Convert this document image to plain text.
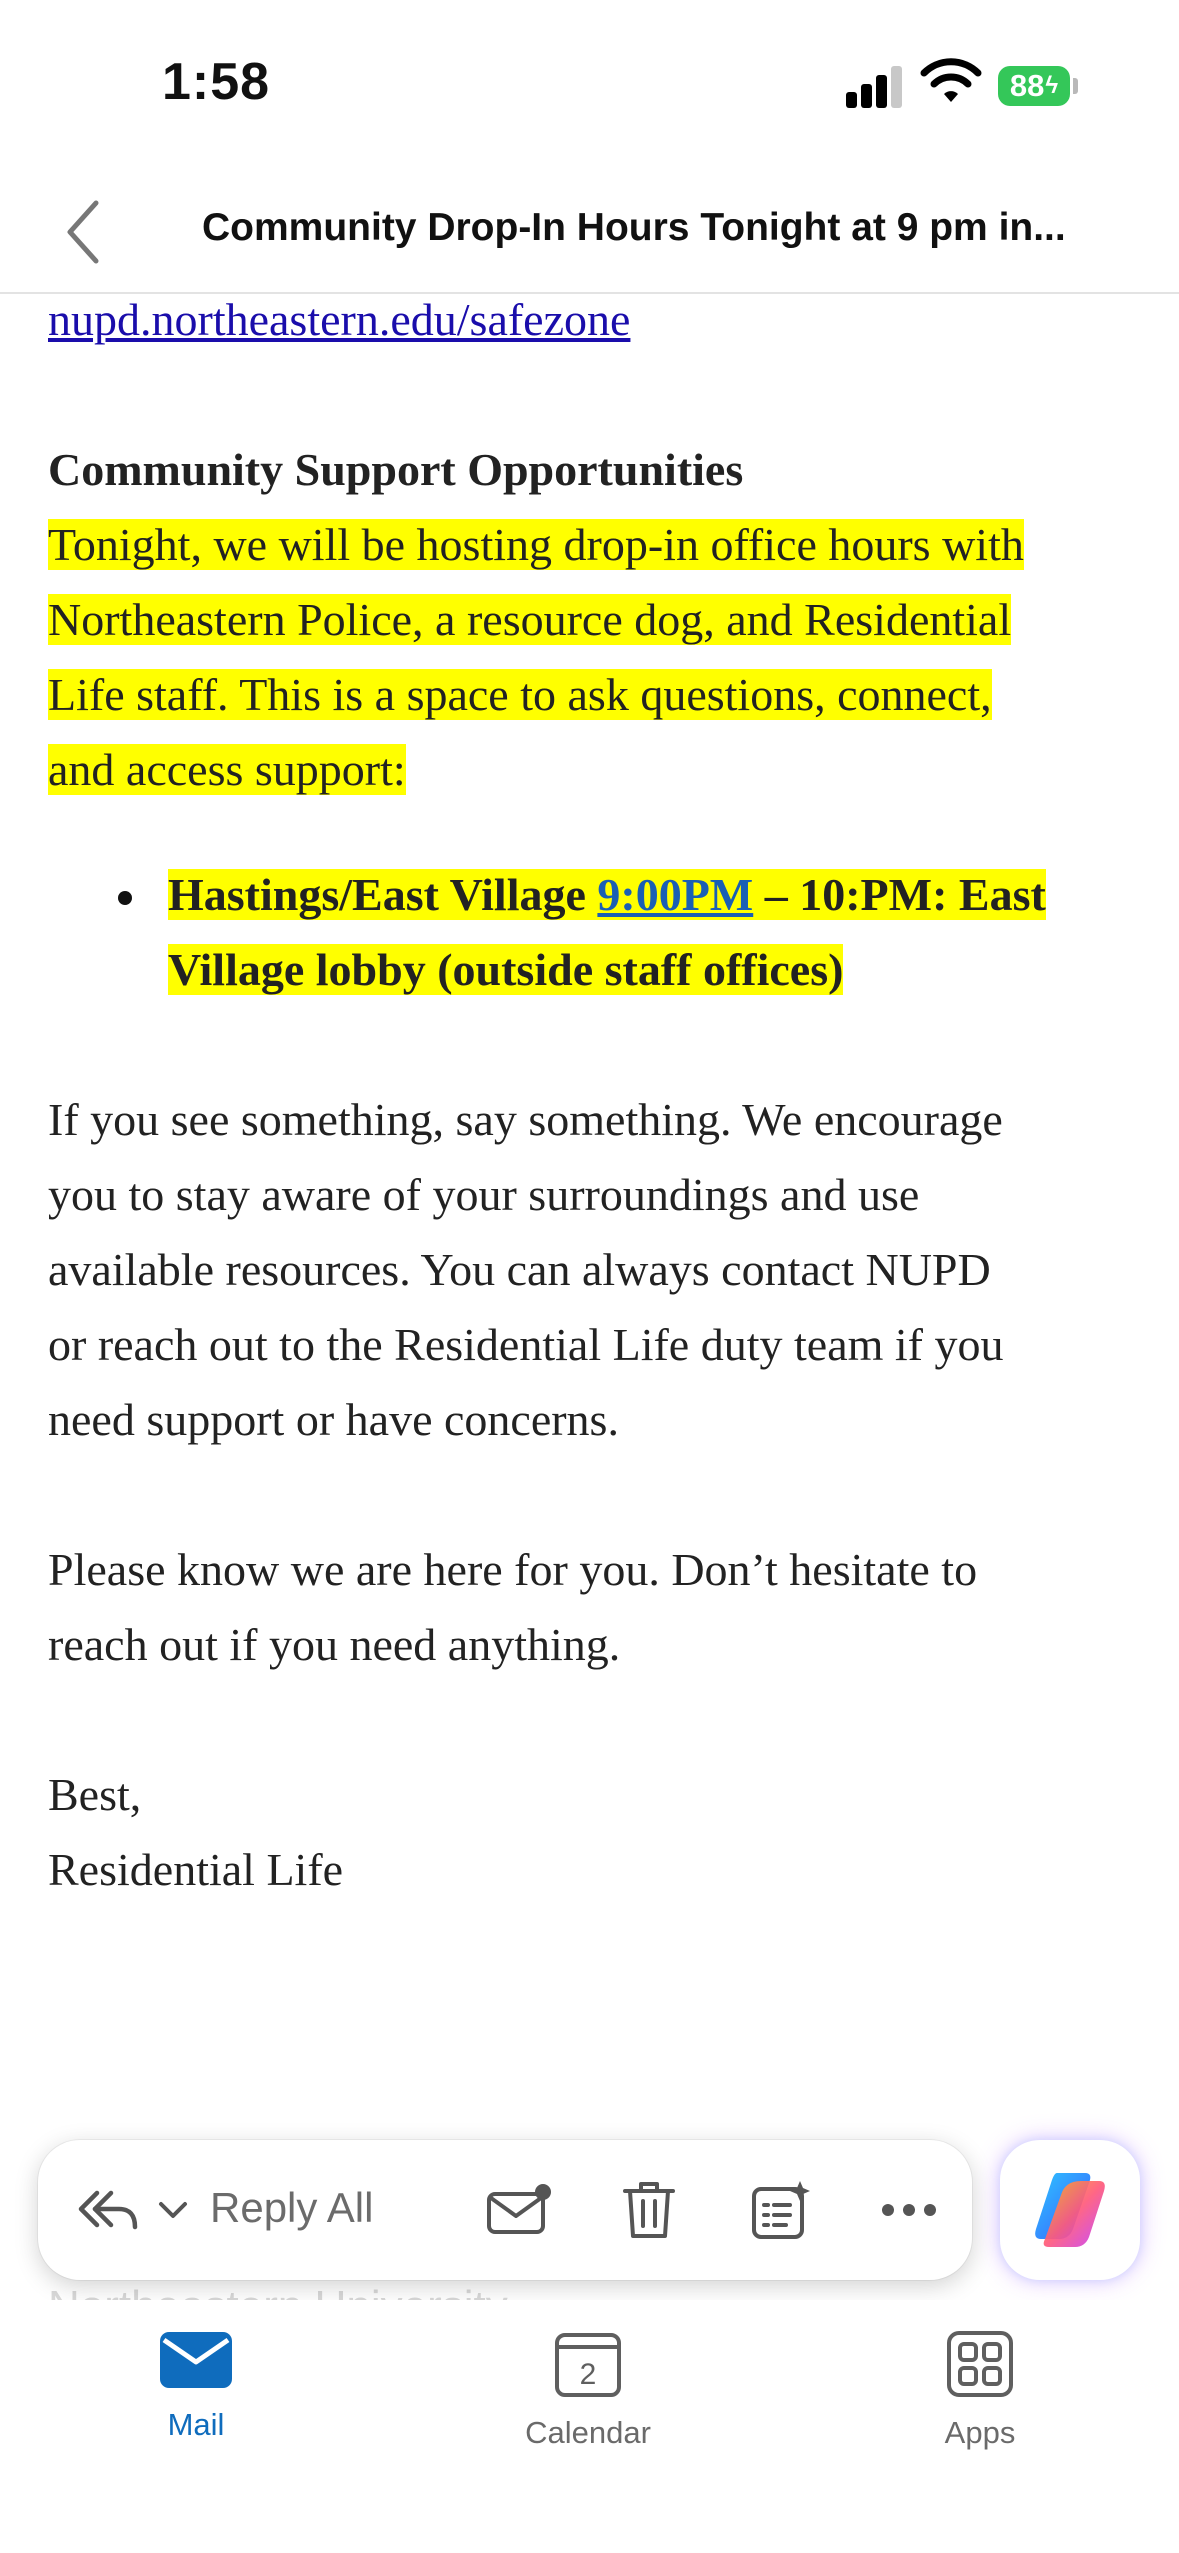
1:58	88 ϟ
Community Drop-In Hours Tonight at 9 pm in...
nupd.northeastern.edu/safezone
Community Support Opportunities
Tonight, we will be hosting drop-in office hours with
Northeastern Police, a resource dog, and Residential
Life staff. This is a space to ask questions, connect,
and access support:
Hastings/East Village 9:00PM – 10:PM: East
Village lobby (outside staff offices)
If you see something, say something. We encourage
you to stay aware of your surroundings and use
available resources. You can always contact NUPD
or reach out to the Residential Life duty team if you
need support or have concerns.
Please know we are here for you. Don’t hesitate to
reach out if you need anything.
Best,
Residential Life
Reply All
Mail
2
Calendar	Apps
